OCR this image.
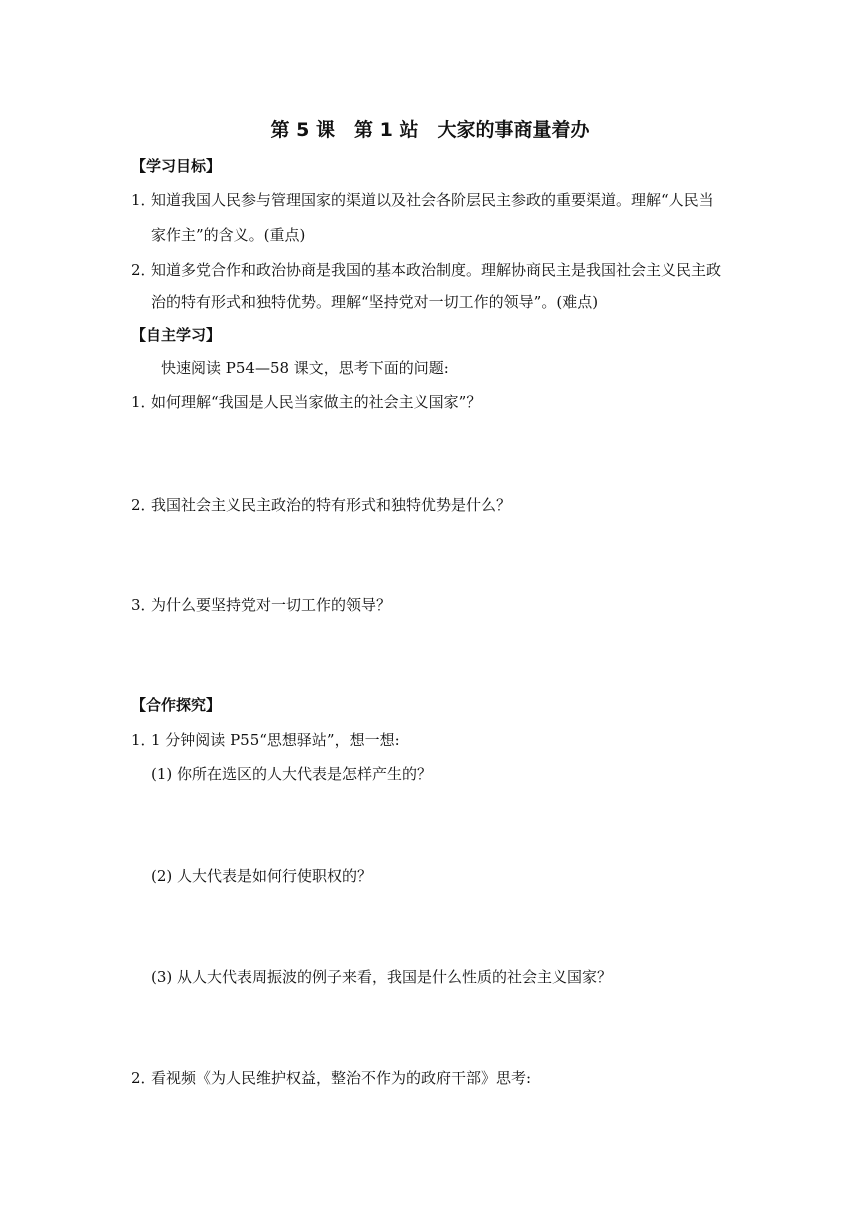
第 5 课　第 1 站　大家的事商量着办
【学习目标】
1．知道我国人民参与管理国家的渠道以及社会各阶层民主参政的重要渠道。理解“人民当
家作主”的含义。(重点)
2．知道多党合作和政治协商是我国的基本政治制度。理解协商民主是我国社会主义民主政
治的特有形式和独特优势。理解“坚持党对一切工作的领导”。(难点)
【自主学习】
快速阅读 P54—58 课文，思考下面的问题:
1．如何理解“我国是人民当家做主的社会主义国家”？
2．我国社会主义民主政治的特有形式和独特优势是什么？
3．为什么要坚持党对一切工作的领导？
【合作探究】
1．1 分钟阅读 P55“思想驿站”，想一想:
(1) 你所在选区的人大代表是怎样产生的？
(2) 人大代表是如何行使职权的？
(3) 从人大代表周振波的例子来看，我国是什么性质的社会主义国家？
2．看视频《为人民维护权益，整治不作为的政府干部》思考:
